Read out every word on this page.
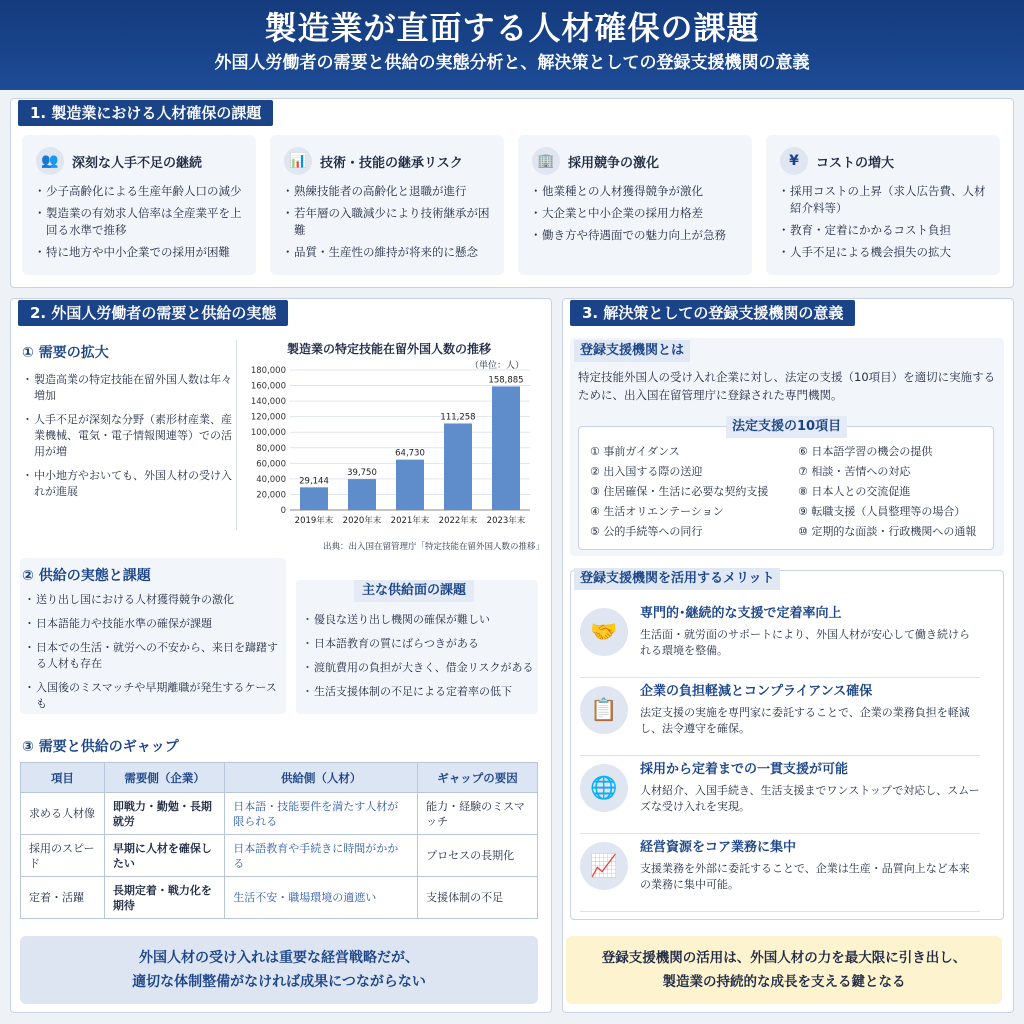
製造業が直面する人材確保の課題
外国人労働者の需要と供給の実態分析と、解決策としての登録支援機関の意義
1. 製造業における人材確保の課題
👥	深刻な人手不足の継続
・ 少子高齢化による生産年齢人口の減少
・ 製造業の有効求人倍率は全産業平を上回る水準で推移
・ 特に地方や中小企業での採用が困難
📊	技術・技能の継承リスク
・ 熟練技能者の高齢化と退職が進行
・ 若年層の入職減少により技術継承が困難
・ 品質・生産性の維持が将来的に懸念
🏢	採用競争の激化
・ 他業種との人材獲得競争が激化
・ 大企業と中小企業の採用力格差
・ 働き方や待遇面での魅力向上が急務
¥	コストの増大
・ 採用コストの上昇（求人広告費、人材紹介料等）
・ 教育・定着にかかるコスト負担
・ 人手不足による機会損失の拡大
2. 外国人労働者の需要と供給の実態
① 需要の拡大
・ 製造高業の特定技能在留外国人数は年々増加
・ 人手不足が深刻な分野（素形材産業、産業機械、電気・電子情報関連等）での活用が増
・ 中小地方やおいても、外国人材の受け入れが進展
製造業の特定技能在留外国人数の推移
（単位：人）
0
20,000
40,000
60,000
80,000
100,000
120,000
140,000
160,000
180,000
29,144
2019年末
39,750
2020年末
64,730
2021年末
111,258
2022年末
158,885
2023年末
出典：出入国在留管理庁「特定技能在留外国人数の推移」
② 供給の実態と課題
・ 送り出し国における人材獲得競争の激化
・ 日本語能力や技能水準の確保が課題
・ 日本での生活・就労への不安から、来日を躊躇する人材も存在
・ 入国後のミスマッチや早期離職が発生するケースも
主な供給面の課題
・ 優良な送り出し機関の確保が難しい
・ 日本語教育の質にばらつきがある
・ 渡航費用の負担が大きく、借金リスクがある
・ 生活支援体制の不足による定着率の低下
③ 需要と供給のギャップ
項目	需要側（企業）	供給側（人材）	ギャップの要因
求める人材像	即戦力・勤勉・長期就労	日本語・技能要件を満たす人材が限られる	能力・経験のミスマッチ
採用のスピード	早期に人材を確保したい	日本語教育や手続きに時間がかかる	プロセスの長期化
定着・活躍	長期定着・戦力化を期待	生活不安・職場環境の適遮い	支援体制の不足
外国人材の受け入れは重要な経営戦略だが、
適切な体制整備がなければ成果につながらない
3. 解決策としての登録支援機関の意義
登録支援機関とは
特定技能外国人の受け入れ企業に対し、法定の支援（10項目）を適切に実施するために、出入国在留管理庁に登録された専門機関。
法定支援の10項目
① 事前ガイダンス
② 出入国する際の送迎
③ 住居確保・生活に必要な契約支援
④ 生活オリエンテーション
⑤ 公的手続等への同行
⑥ 日本語学習の機会の提供
⑦ 相談・苦情への対応
⑧ 日本人との交流促進
⑨ 転職支援（人員整理等の場合）
⑩ 定期的な面談・行政機関への通報
登録支援機関を活用するメリット
🤝
専門的･継続的な支援で定着率向上
生活面・就労面のサポートにより、外国人材が安心して働き続けられる環境を整備。
📋
企業の負担軽減とコンプライアンス確保
法定支援の実施を専門家に委託することで、企業の業務負担を軽減し、法令遵守を確保。
🌐
採用から定着までの一貫支援が可能
人材紹介、入国手続き、生活支援までワンストップで対応し、スムーズな受け入れを実現。
📈
経営資源をコア業務に集中
支援業務を外部に委託することで、企業は生産・品質向上など本来の業務に集中可能。
登録支援機関の活用は、外国人材の力を最大限に引き出し、
製造業の持続的な成長を支える鍵となる
